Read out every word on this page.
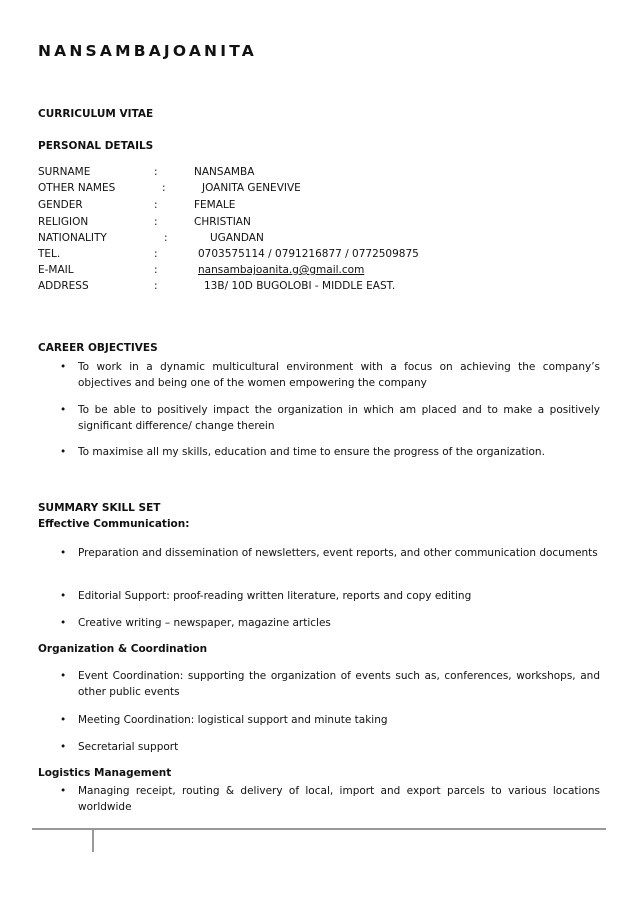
NANSAMBAJOANITA
CURRICULUM VITAE
PERSONAL DETAILS
SURNAME	:	NANSAMBA
OTHER NAMES	:	JOANITA GENEVIVE
GENDER	:	FEMALE
RELIGION	:	CHRISTIAN
NATIONALITY	:	UGANDAN
TEL.	:	0703575114 / 0791216877 / 0772509875
E-MAIL	:	nansambajoanita.g@gmail.com
ADDRESS	:	13B/ 10D BUGOLOBI - MIDDLE EAST.
CAREER OBJECTIVES
• To work in a dynamic multicultural environment with a focus on achieving the company’s objectives and being one of the women empowering the company
• To be able to positively impact the organization in which am placed and to make a positively significant difference/ change therein
• To maximise all my skills, education and time to ensure the progress of the organization.
SUMMARY SKILL SET
Effective Communication:
• Preparation and dissemination of newsletters, event reports, and other communication documents
• Editorial Support: proof-reading written literature, reports and copy editing
• Creative writing – newspaper, magazine articles
Organization & Coordination
• Event Coordination: supporting the organization of events such as, conferences, workshops, and other public events
• Meeting Coordination: logistical support and minute taking
• Secretarial support
Logistics Management
• Managing receipt, routing & delivery of local, import and export parcels to various locations worldwide
